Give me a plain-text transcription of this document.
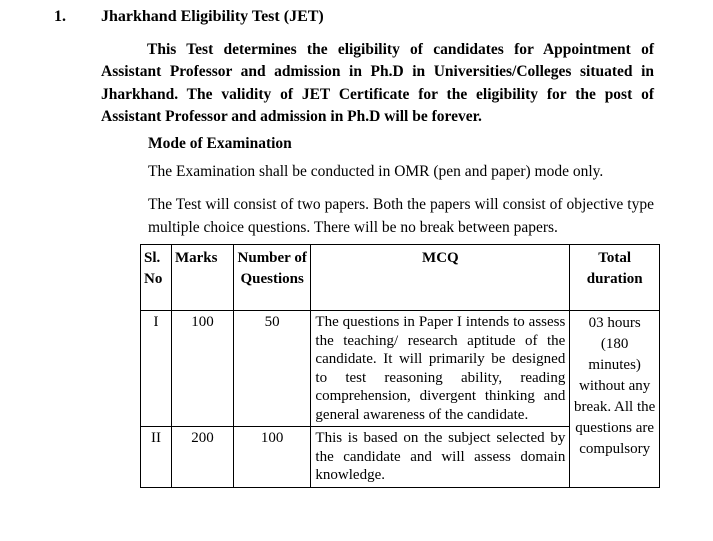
1. Jharkhand Eligibility Test (JET)
This Test determines the eligibility of candidates for Appointment of Assistant Professor and admission in Ph.D in Universities/Colleges situated in Jharkhand. The validity of JET Certificate for the eligibility for the post of Assistant Professor and admission in Ph.D will be forever.
Mode of Examination
The Examination shall be conducted in OMR (pen and paper) mode only.
The Test will consist of two papers. Both the papers will consist of objective type multiple choice questions. There will be no break between papers.
Sl. No	Marks	Number of Questions	MCQ	Total duration
I	100	50	The questions in Paper I intends to assess the teaching/ research aptitude of the candidate. It will primarily be designed to test reasoning ability, reading comprehension, divergent thinking and general awareness of the candidate.	03 hours (180 minutes) without any break. All the questions are compulsory
II	200	100	This is based on the subject selected by the candidate and will assess domain knowledge.	
